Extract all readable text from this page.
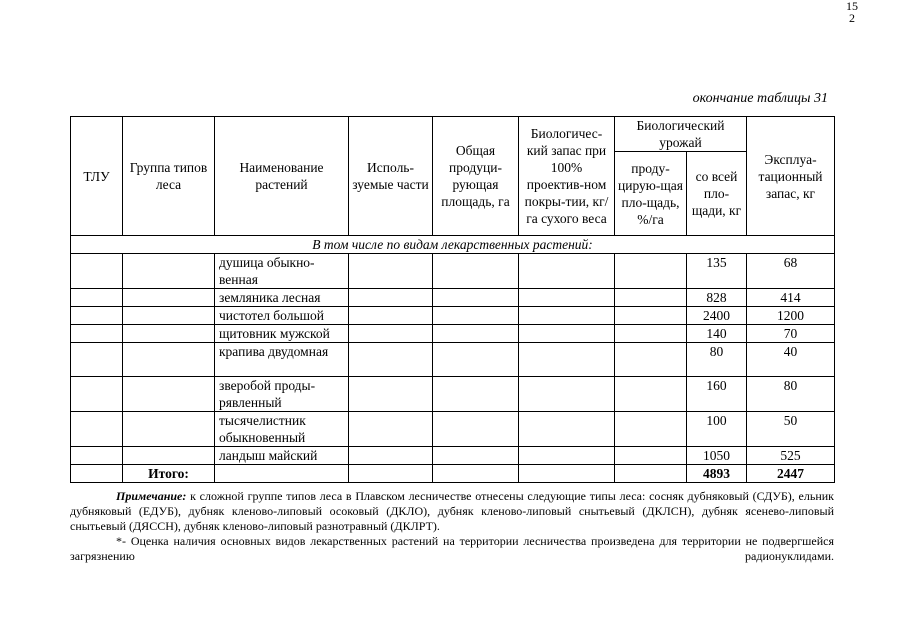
15
2
окончание таблицы 31
ТЛУ	Группа типов леса	Наименование растений	Исполь-зуемые части	Общая продуци-рующая площадь, га	Биологичес-кий запас при 100% проектив-ном покры-тии, кг/га сухого веса	Биологический урожай		Эксплуа-тационный запас, кг
						проду-цирую-щая пло-щадь, %/га	со всей пло-щади, кг	
В том числе по видам лекарственных растений:								
		душица обыкно-венная					135	68
		земляника лесная					828	414
		чистотел большой					2400	1200
		щитовник мужской					140	70
		крапива двудомная					80	40
		зверобой проды-рявленный					160	80
		тысячелистник обыкновенный					100	50
		ландыш майский					1050	525
	Итого:						4893	2447

Примечание: к сложной группе типов леса в Плавском лесничестве отнесены следующие типы леса: сосняк дубняковый (СДУБ), ельник дубняковый (ЕДУБ), дубняк кленово-липовый осоковый (ДКЛО), дубняк кленово-липовый снытьевый (ДКЛСН), дубняк ясенево-липовый снытьевый (ДЯССН), дубняк кленово-липовый разнотравный (ДКЛРТ).

*- Оценка наличия основных видов лекарственных растений на территории лесничества произведена для территории не подвергшейся загрязнению радионуклидами.
